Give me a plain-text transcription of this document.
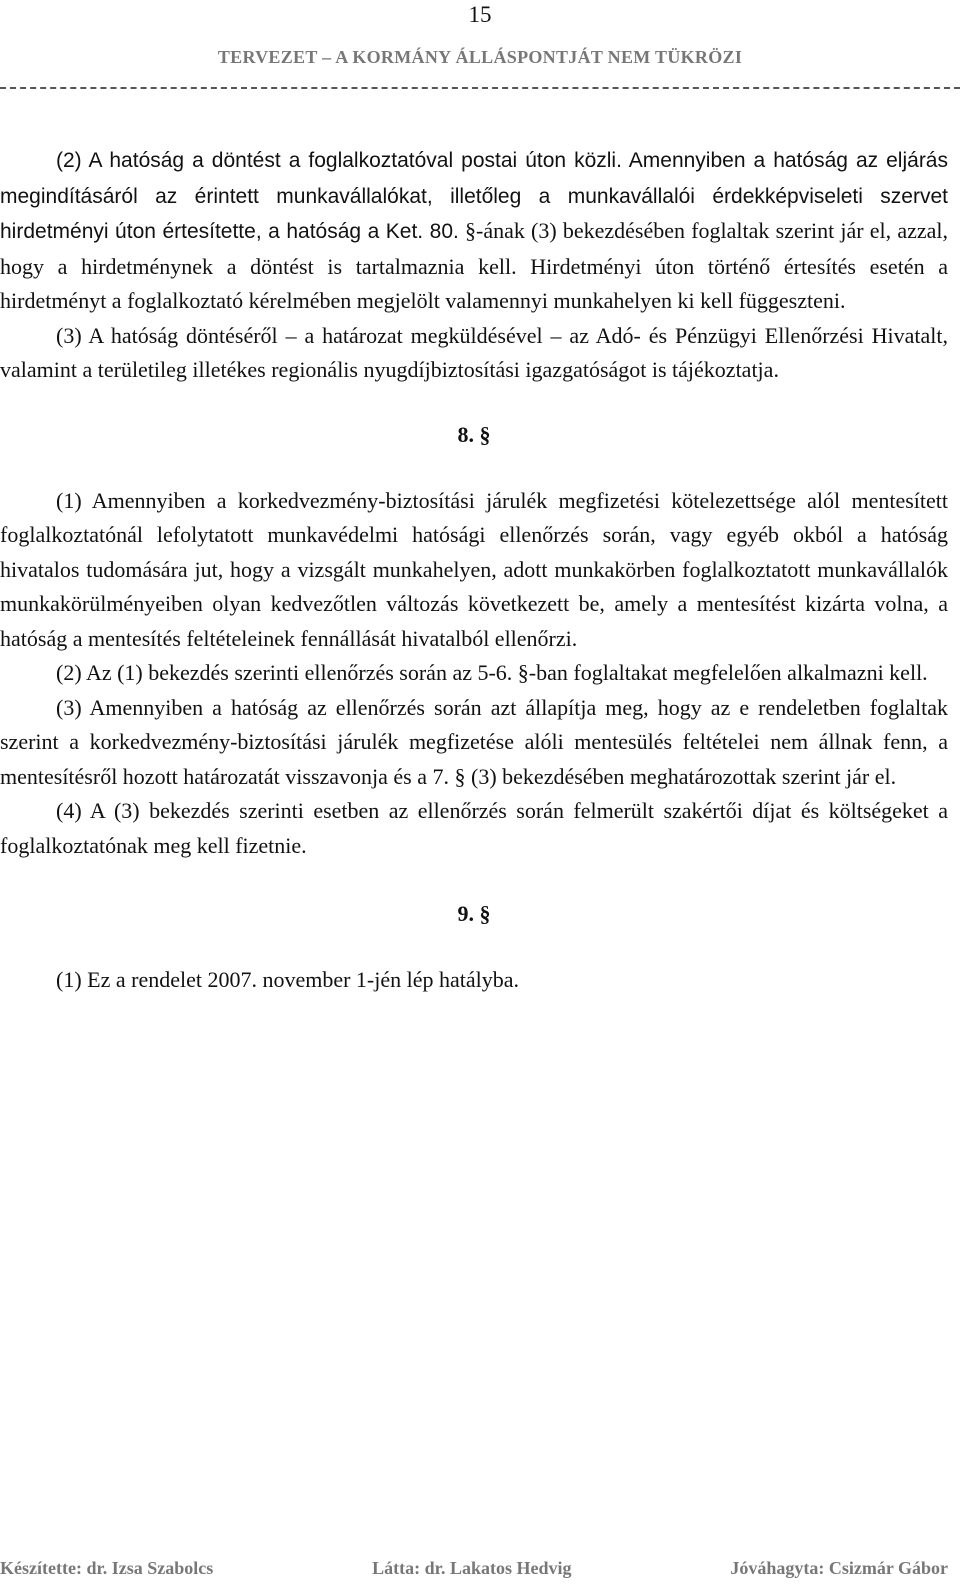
15
TERVEZET – A KORMÁNY ÁLLÁSPONTJÁT NEM TÜKRÖZI

(2) A hatóság a döntést a foglalkoztatóval postai úton közli. Amennyiben a hatóság az eljárás megindításáról az érintett munkavállalókat, illetőleg a munkavállalói érdekképviseleti szervet hirdetményi úton értesítette, a hatóság a Ket. 80. §-ának (3) bekezdésében foglaltak szerint jár el, azzal, hogy a hirdetménynek a döntést is tartalmaznia kell. Hirdetményi úton történő értesítés esetén a hirdetményt a foglalkoztató kérelmében megjelölt valamennyi munkahelyen ki kell függeszteni.

(3) A hatóság döntéséről – a határozat megküldésével – az Adó- és Pénzügyi Ellenőrzési Hivatalt, valamint a területileg illetékes regionális nyugdíjbiztosítási igazgatóságot is tájékoztatja.

8. §

(1) Amennyiben a korkedvezmény-biztosítási járulék megfizetési kötelezettsége alól mentesített foglalkoztatónál lefolytatott munkavédelmi hatósági ellenőrzés során, vagy egyéb okból a hatóság hivatalos tudomására jut, hogy a vizsgált munkahelyen, adott munkakörben foglalkoztatott munkavállalók munkakörülményeiben olyan kedvezőtlen változás következett be, amely a mentesítést kizárta volna, a hatóság a mentesítés feltételeinek fennállását hivatalból ellenőrzi.

(2) Az (1) bekezdés szerinti ellenőrzés során az 5-6. §-ban foglaltakat megfelelően alkalmazni kell.

(3) Amennyiben a hatóság az ellenőrzés során azt állapítja meg, hogy az e rendeletben foglaltak szerint a korkedvezmény-biztosítási járulék megfizetése alóli mentesülés feltételei nem állnak fenn, a mentesítésről hozott határozatát visszavonja és a 7. § (3) bekezdésében meghatározottak szerint jár el.

(4) A (3) bekezdés szerinti esetben az ellenőrzés során felmerült szakértői díjat és költségeket a foglalkoztatónak meg kell fizetnie.

9. §

(1) Ez a rendelet 2007. november 1-jén lép hatályba.

Készítette: dr. Izsa Szabolcs	Látta: dr. Lakatos Hedvig	Jóváhagyta: Csizmár Gábor
